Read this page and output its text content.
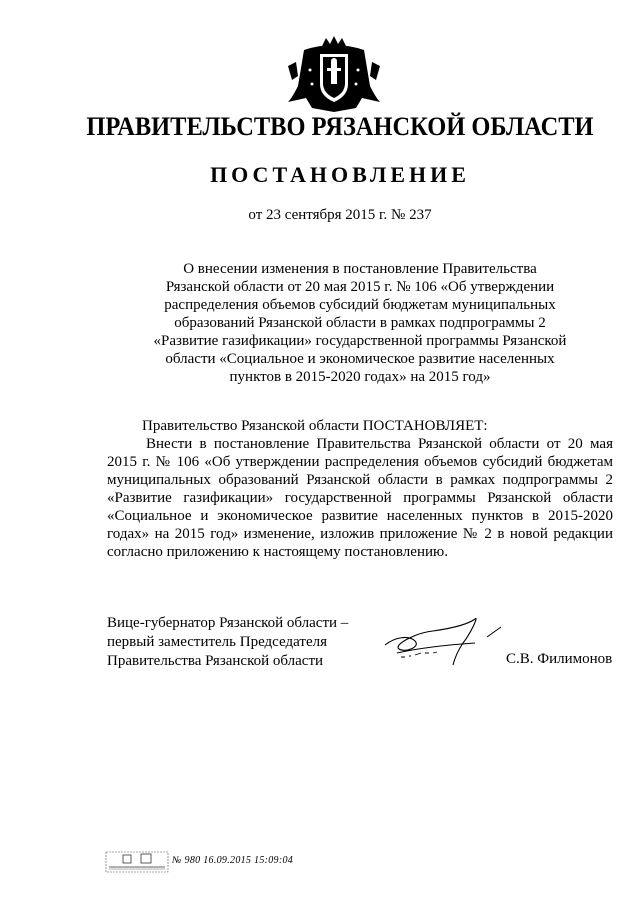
ПРАВИТЕЛЬСТВО РЯЗАНСКОЙ ОБЛАСТИ
ПОСТАНОВЛЕНИЕ
от 23 сентября 2015 г. № 237
О внесении изменения в постановление Правительства Рязанской области от 20 мая 2015 г. № 106 «Об утверждении распределения объемов субсидий бюджетам муниципальных образований Рязанской области в рамках подпрограммы 2 «Развитие газификации» государственной программы Рязанской области «Социальное и экономическое развитие населенных пунктов в 2015-2020 годах» на 2015 год»
Правительство Рязанской области ПОСТАНОВЛЯЕТ:
Внести в постановление Правительства Рязанской области от 20 мая 2015 г. № 106 «Об утверждении распределения объемов субсидий бюджетам муниципальных образований Рязанской области в рамках подпрограммы 2 «Развитие газификации» государственной программы Рязанской области «Социальное и экономическое развитие населенных пунктов в 2015-2020 годах» на 2015 год» изменение, изложив приложение № 2 в новой редакции согласно приложению к настоящему постановлению.
Вице-губернатор Рязанской области –
первый заместитель Председателя
Правительства Рязанской области	С.В. Филимонов
№ 980 16.09.2015 15:09:04
